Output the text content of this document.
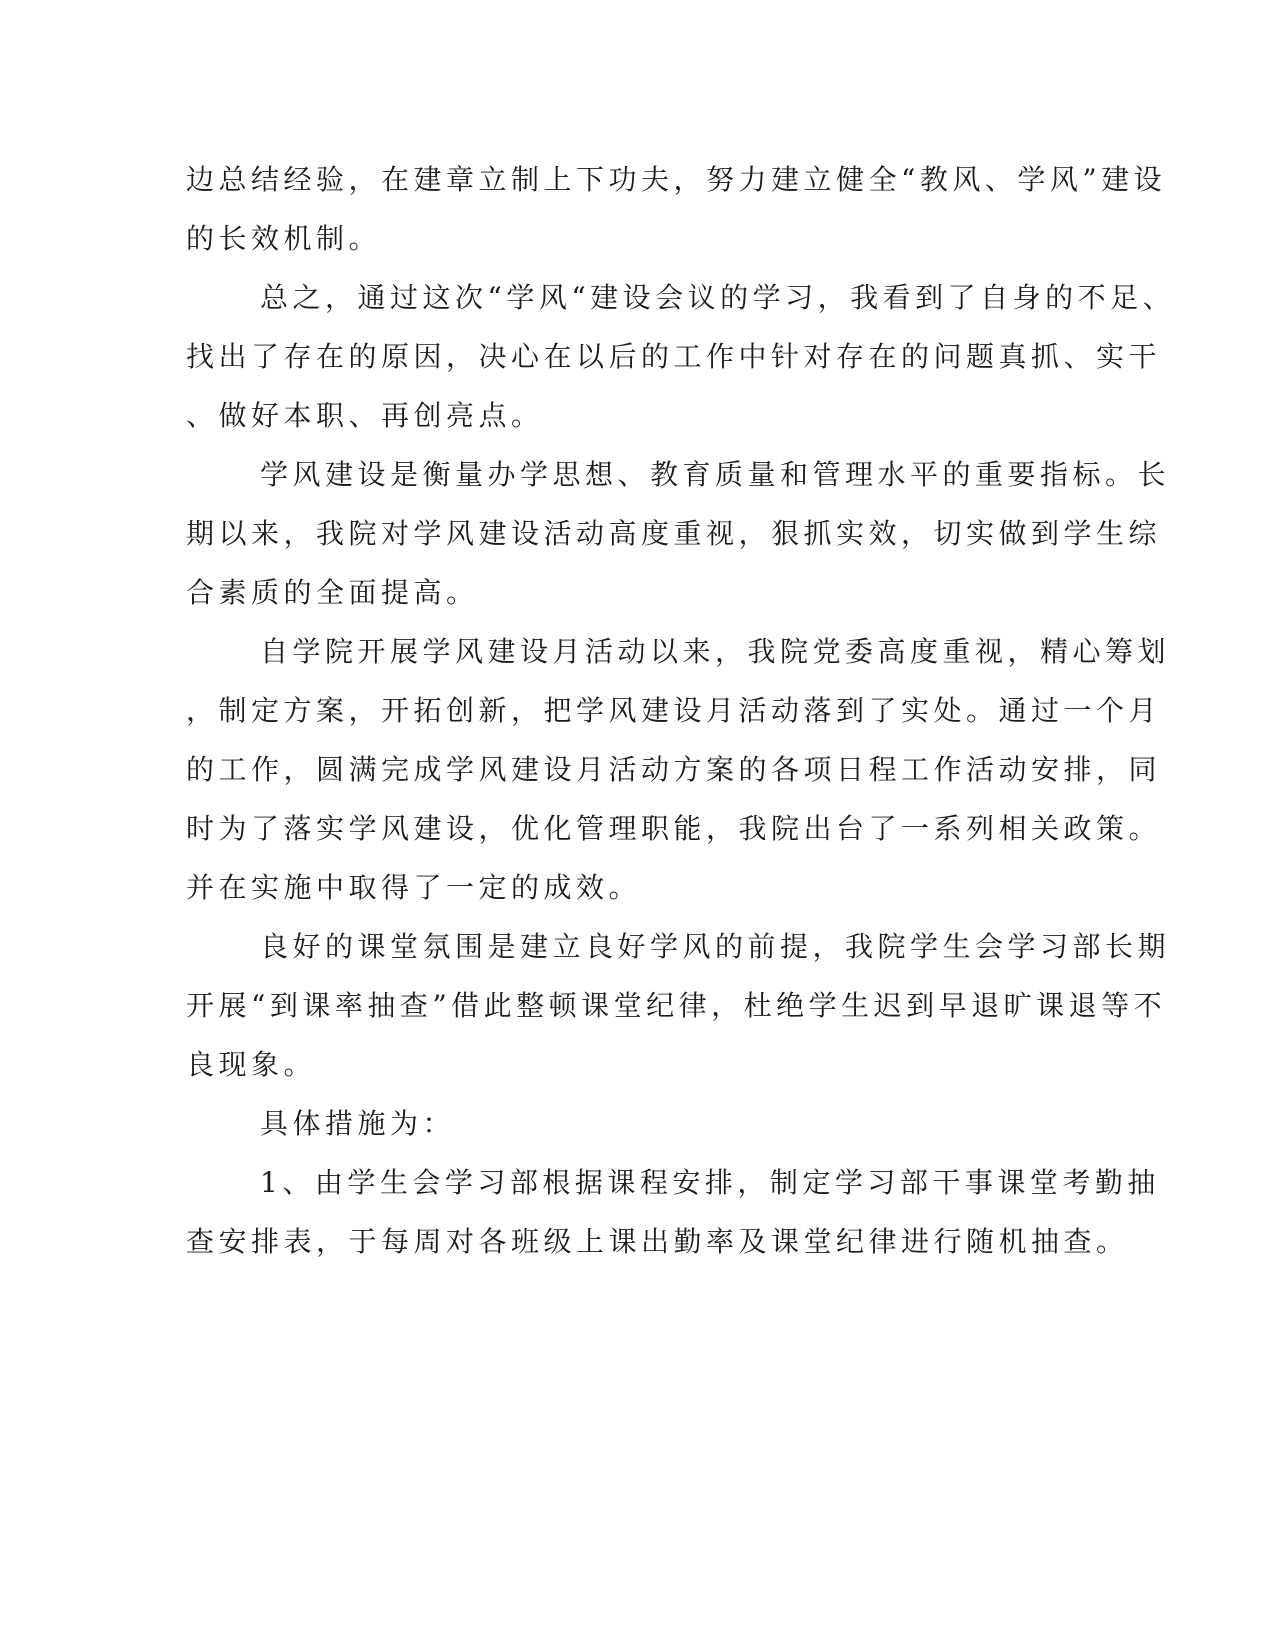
边总结经验，在建章立制上下功夫，努力建立健全“教风、学风”建设
的长效机制。
总之，通过这次“学风“建设会议的学习，我看到了自身的不足、
找出了存在的原因，决心在以后的工作中针对存在的问题真抓、实干
、做好本职、再创亮点。
学风建设是衡量办学思想、教育质量和管理水平的重要指标。长
期以来，我院对学风建设活动高度重视，狠抓实效，切实做到学生综
合素质的全面提高。
自学院开展学风建设月活动以来，我院党委高度重视，精心筹划
，制定方案，开拓创新，把学风建设月活动落到了实处。通过一个月
的工作，圆满完成学风建设月活动方案的各项日程工作活动安排，同
时为了落实学风建设，优化管理职能，我院出台了一系列相关政策。
并在实施中取得了一定的成效。
良好的课堂氛围是建立良好学风的前提，我院学生会学习部长期
开展“到课率抽查”借此整顿课堂纪律，杜绝学生迟到早退旷课退等不
良现象。
具体措施为：
1、由学生会学习部根据课程安排，制定学习部干事课堂考勤抽
查安排表，于每周对各班级上课出勤率及课堂纪律进行随机抽查。
